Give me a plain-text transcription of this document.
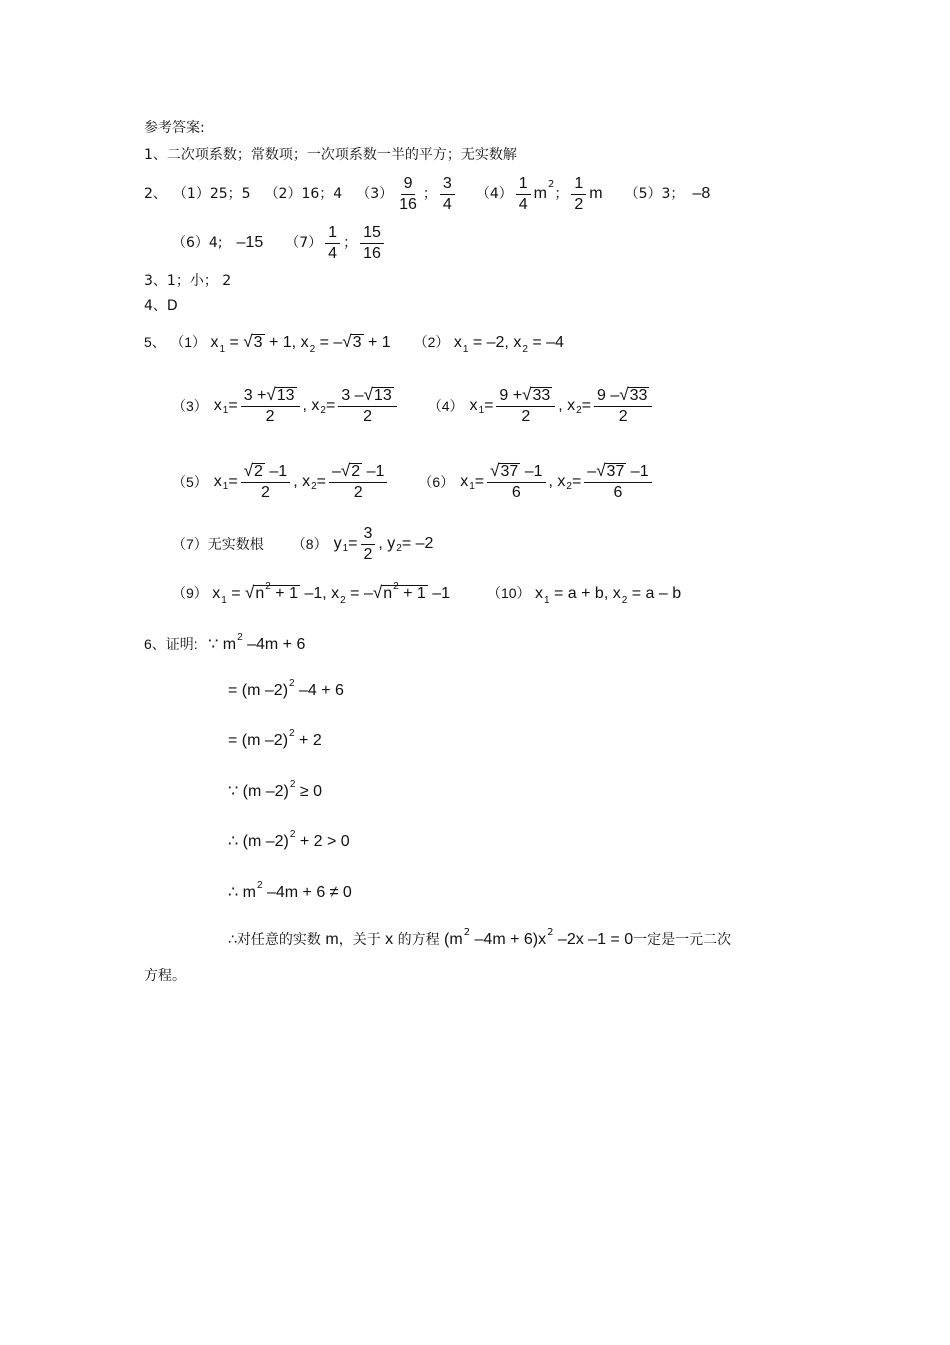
参考答案:
1、二次项系数；常数项；一次项系数一半的平方；无实数解
2、 （1）25；5 （2）16；4 $(3) \frac{9}{16}$ ； $\frac{3}{4} (4) \frac{1}{4}$ m
2
； $\frac{1}{2}$ m （5）3； –8
（6）4; –15 $(7) \frac{1}{4}$ ； $\frac{15}{16}$
3、1；小； 2
4、D
5、 （1） $x_1 = √3 + 1$, $x_2 = -√3 + 1$ （2） $x_1 = -2$, $x_2 = -4$
（3） x $1 = \frac{3 +√13}{2}$ , x $2 = \frac{3 -√13}{2} (4)$ x $1 = \frac{9 +√33}{2}$ , x $2 = \frac{9 -√33}{2}$
（5） x $1 = \frac{√2 -1}{2}$ , x $2 = \frac{-√2 -1}{2} (6)$ x $1 = \frac{√37 -1}{6}$ , x $2 = \frac{-√37 -1}{6}$
（7）无实数根 （8） y $1 = \frac{3}{2}$ , y 2 = –2
（9） $x_1 = √n^2 + 1$ –1, $x_2 = -√n^2 + 1$ –1	（10） $x_1 = a + b$, $x_2 = a - b$
6、证明: ∵ $m^2$ –4m + 6
= (m –2)$^2$ –4 + 6
= (m –2)$^2$ + 2
∵ (m –2)$^2$ ≥ 0
∴ (m –2)$^2$ + 2 > 0
∴ $m^2$ –4m + 6 ≠ 0
∴对任意的实数 m，关于 x 的方程 ($m^2$ $-4m + 6)x^2$ –2x –1 = 0一定是一元二次
方程。
